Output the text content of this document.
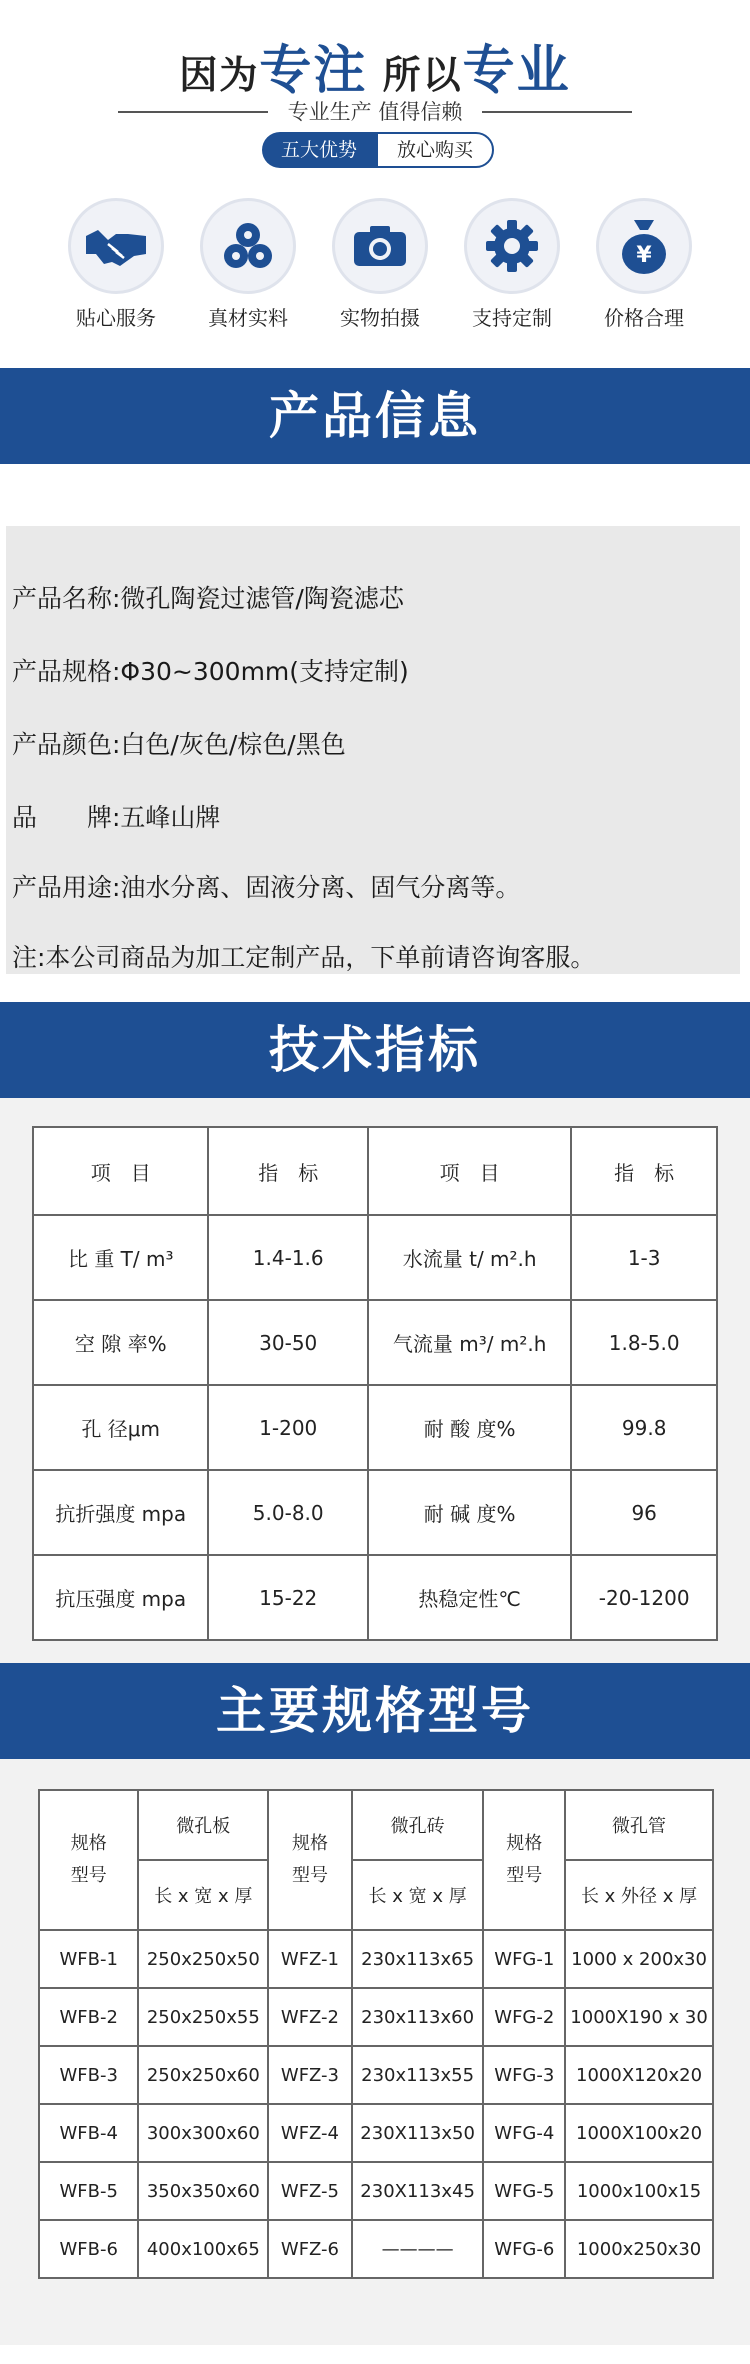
因为专注 所以专业
专业生产 值得信赖
五大优势	放心购买
贴心服务	真材实料	实物拍摄	支持定制
¥
价格合理
产品信息
产品名称:微孔陶瓷过滤管/陶瓷滤芯
产品规格:Φ30~300mm(支持定制)
产品颜色:白色/灰色/棕色/黑色
品　　牌:五峰山牌
产品用途:油水分离、固液分离、固气分离等。
注:本公司商品为加工定制产品，下单前请咨询客服。
技术指标
项　目	指　标	项　目	指　标
比 重 T/ m³	1.4-1.6	水流量 t/ m².h	1-3
空 隙 率%	30-50	气流量 m³/ m².h	1.8-5.0
孔 径μm	1-200	耐 酸 度%	99.8
抗折强度 mpa	5.0-8.0	耐 碱 度%	96
抗压强度 mpa	15-22	热稳定性℃	-20-1200
主要规格型号
规格型号	微孔板	规格型号	微孔砖	规格型号	微孔管
	长 x 宽 x 厚		长 x 宽 x 厚		长 x 外径 x 厚
WFB-1	250x250x50	WFZ-1	230x113x65	WFG-1	1000 x 200x30
WFB-2	250x250x55	WFZ-2	230x113x60	WFG-2	1000X190 x 30
WFB-3	250x250x60	WFZ-3	230x113x55	WFG-3	1000X120x20
WFB-4	300x300x60	WFZ-4	230X113x50	WFG-4	1000X100x20
WFB-5	350x350x60	WFZ-5	230X113x45	WFG-5	1000x100x15
WFB-6	400x100x65	WFZ-6	————	WFG-6	1000x250x30
